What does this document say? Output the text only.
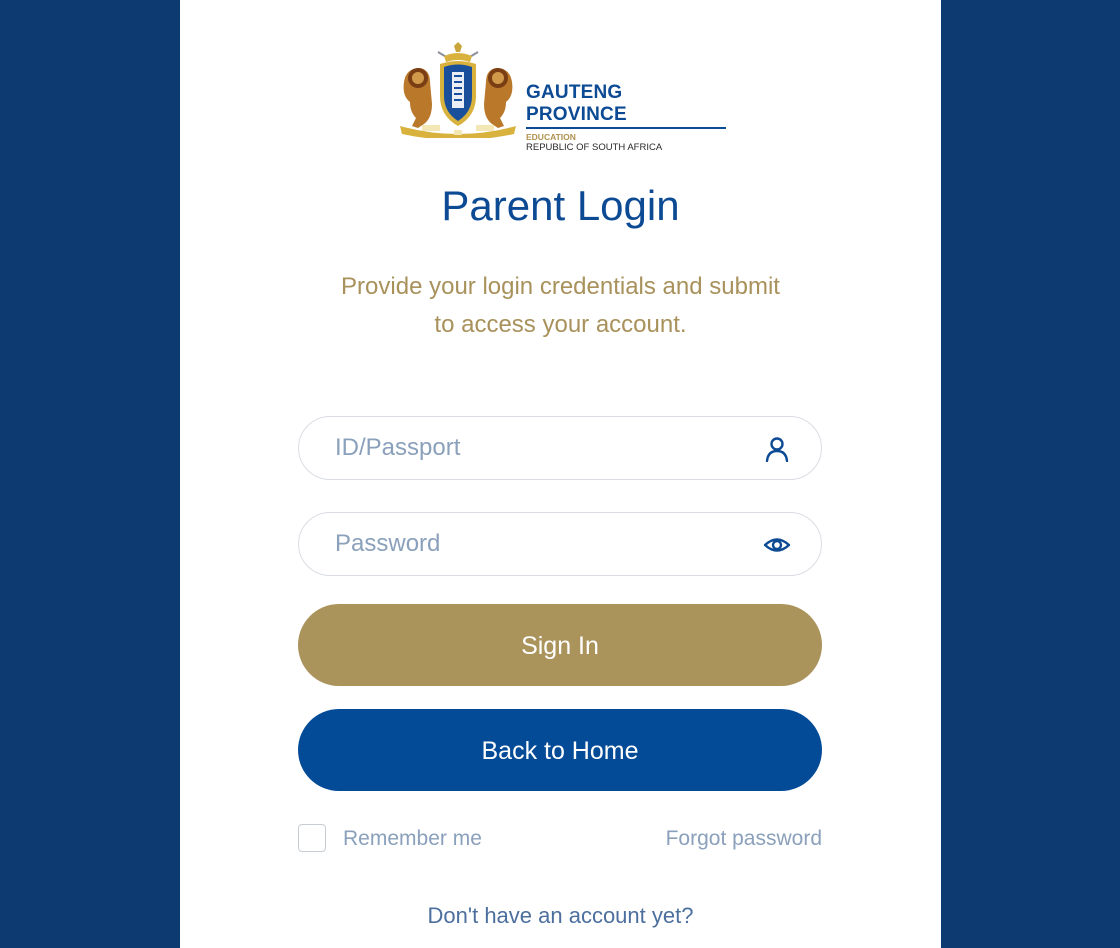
GAUTENG PROVINCE
EDUCATION
REPUBLIC OF SOUTH AFRICA
Parent Login
Provide your login credentials and submit to access your account.
ID/Passport
Sign In
Back to Home
Remember me	Forgot password
Don't have an account yet?
